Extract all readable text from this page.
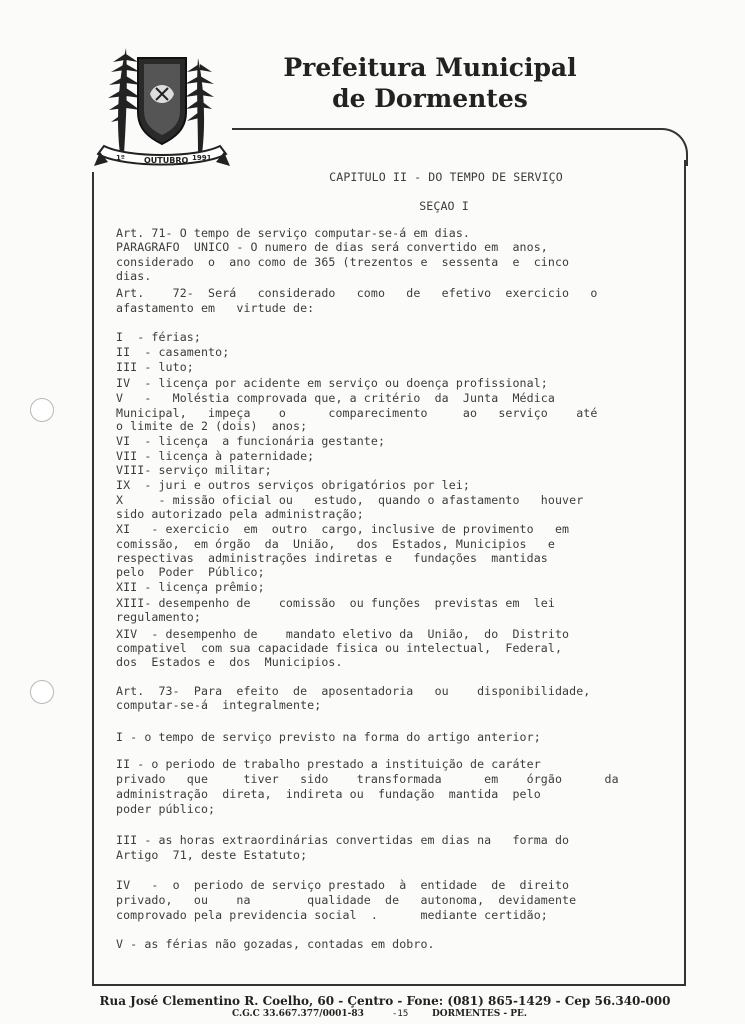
1º OUTUBRO 1991
Prefeitura Municipal
de Dormentes
CAPITULO II - DO TEMPO DE SERVIÇO
SEÇAO I
Art. 71- O tempo de serviço computar-se-á em dias.
PARAGRAFO  UNICO - O numero de dias será convertido em  anos,
considerado  o  ano como de 365 (trezentos e  sessenta  e  cinco
dias.
Art.    72-  Será   considerado   como   de   efetivo  exercicio   o
afastamento em   virtude de:
I  - férias;
II  - casamento;
III - luto;
IV  - licença por acidente em serviço ou doença profissional;
V   -   Moléstia comprovada que, a critério  da  Junta  Médica
Municipal,   impeça    o      comparecimento     ao   serviço    até
o limite de 2 (dois)  anos;
VI  - licença  a funcionária gestante;
VII - licença à paternidade;
VIII- serviço militar;
IX  - juri e outros serviços obrigatórios por lei;
X     - missão oficial ou   estudo,  quando o afastamento   houver
sido autorizado pela administração;
XI   - exercicio  em  outro  cargo, inclusive de provimento   em
comissão,  em órgão  da  União,   dos  Estados, Municipios   e
respectivas  administrações indiretas e   fundações  mantidas
pelo  Poder  Público;
XII - licença prêmio;
XIII- desempenho de    comissão  ou funções  previstas em  lei
regulamento;
XIV  - desempenho de    mandato eletivo da  União,  do  Distrito
compativel  com sua capacidade fisica ou intelectual,  Federal,
dos  Estados e  dos  Municipios.
Art.  73-  Para  efeito  de  aposentadoria   ou    disponibilidade,
computar-se-á  integralmente;
I - o tempo de serviço previsto na forma do artigo anterior;
II - o periodo de trabalho prestado a instituição de caráter
privado   que     tiver   sido    transformada      em    órgão      da
administração  direta,  indireta ou  fundação  mantida  pelo
poder público;
III - as horas extraordinárias convertidas em dias na   forma do
Artigo  71, deste Estatuto;
IV   -  o  periodo de serviço prestado  à  entidade  de  direito
privado,   ou    na        qualidade  de   autonoma,  devidamente
comprovado pela previdencia social  .      mediante certidão;
V - as férias não gozadas, contadas em dobro.
Rua José Clementino R. Coelho, 60 - Çentro - Fone: (081) 865-1429 - Cep 56.340-000
C.G.C 33.667.377/0001-83	-15	DORMENTES - PE.
